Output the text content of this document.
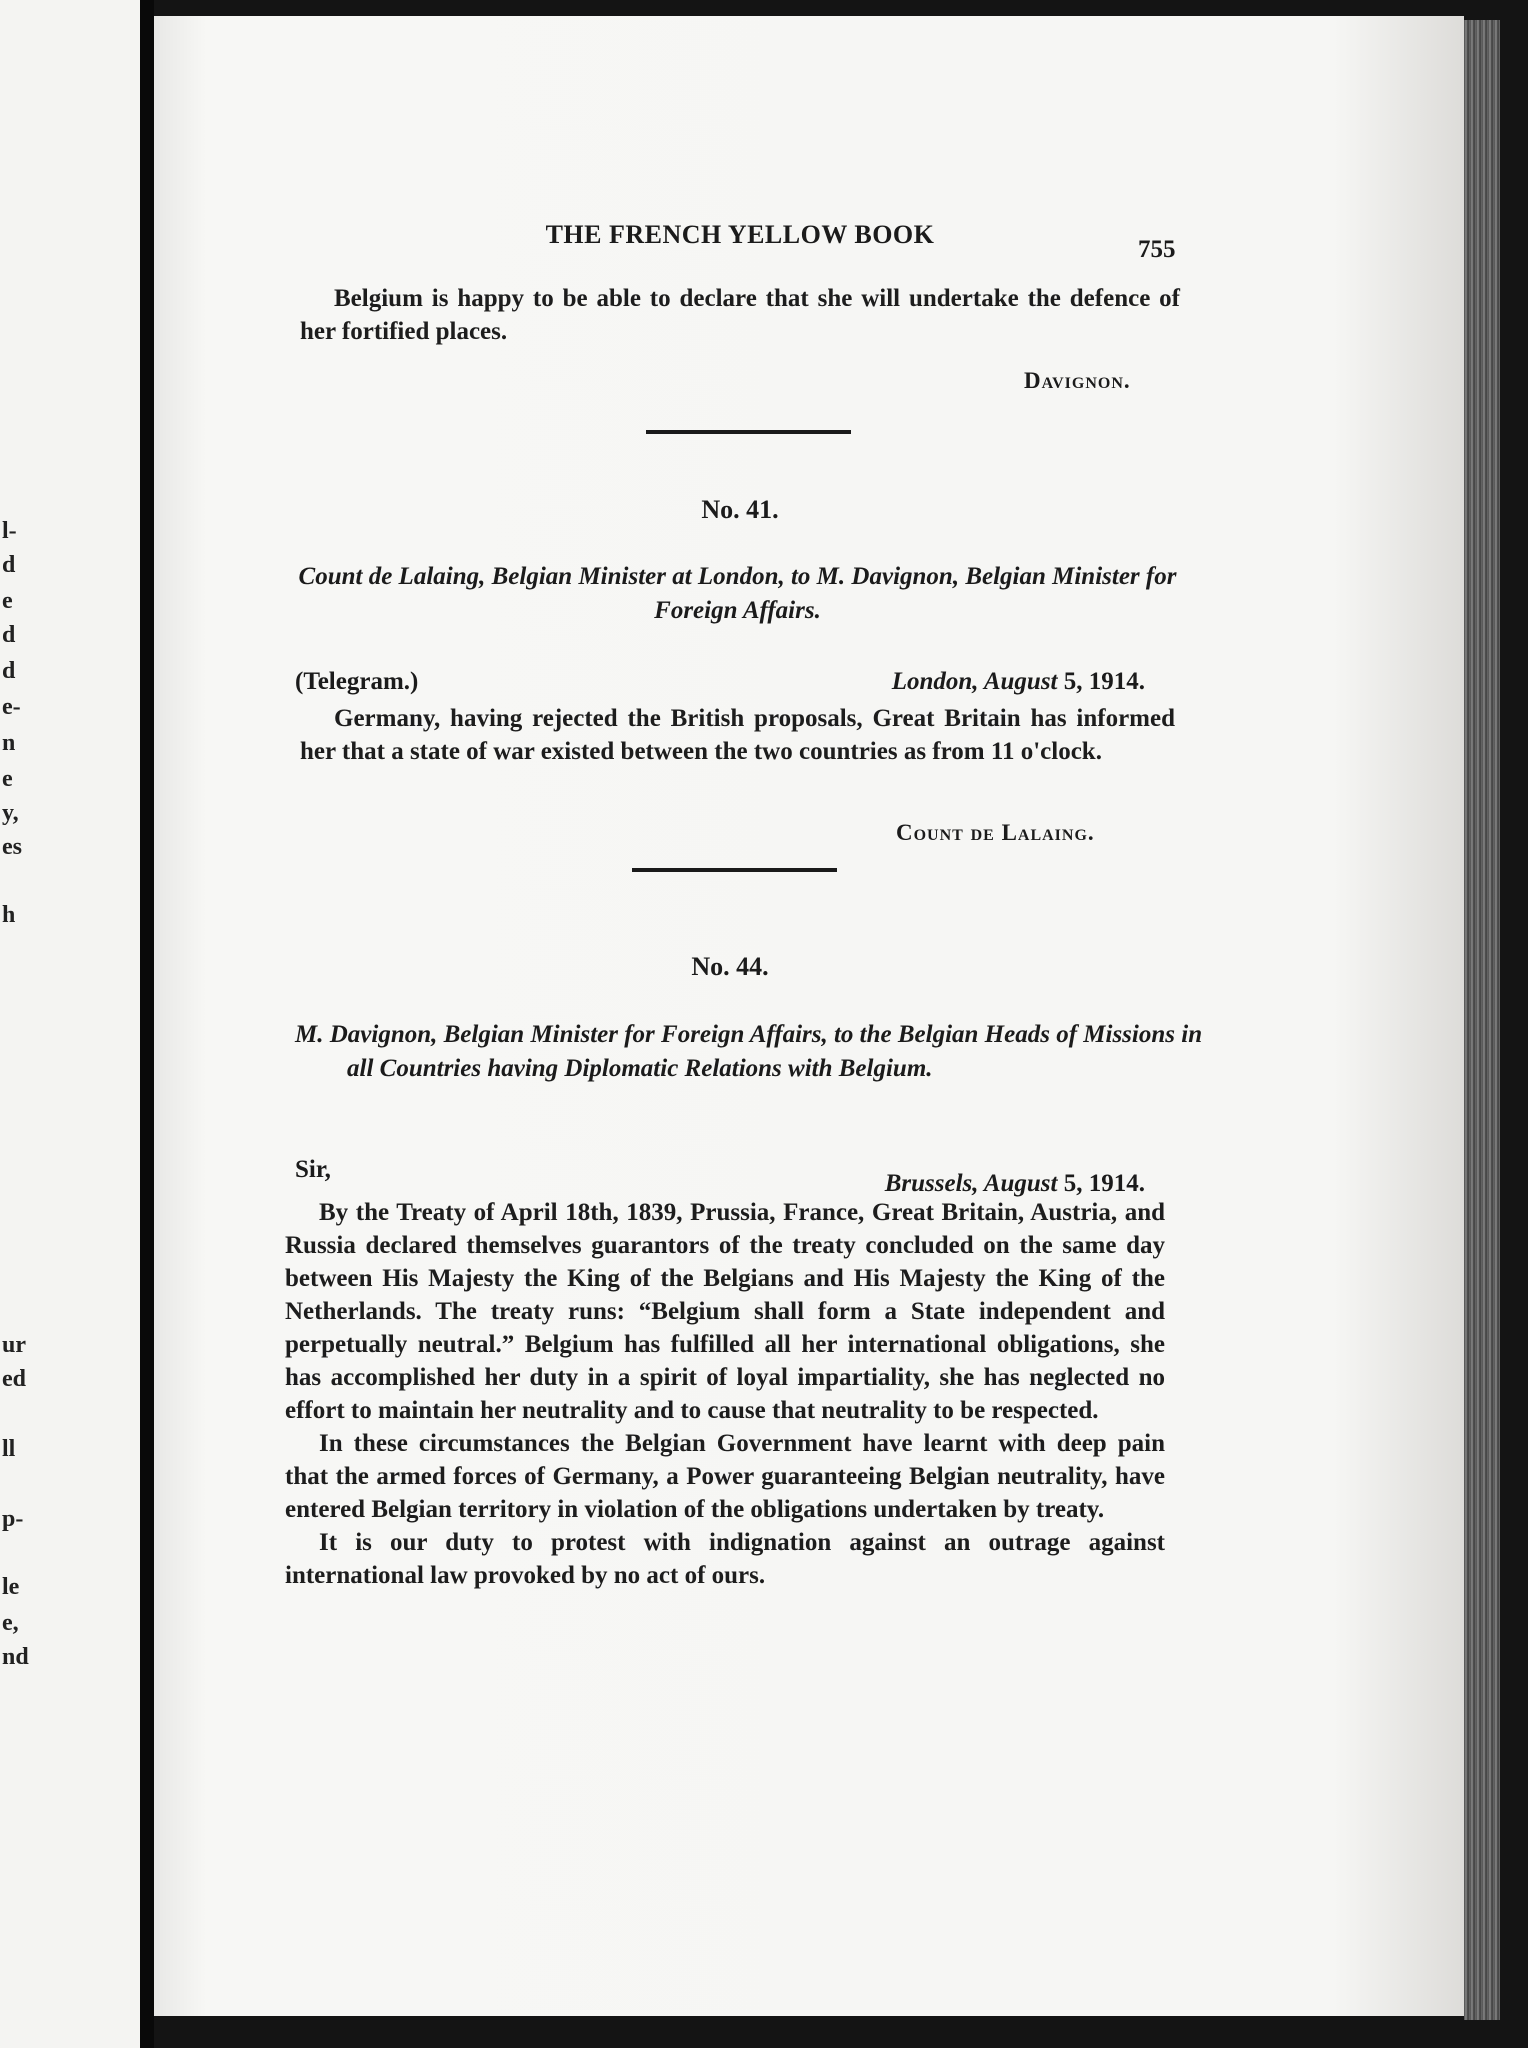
l-
d
e
d
d
e-
n
e
y,
es
h
ur
ed
ll
p-
le
e,
nd
THE FRENCH YELLOW BOOK
755

Belgium is happy to be able to declare that she will undertake the defence of her fortified places.

Davignon.
No. 41.
Count de Lalaing, Belgian Minister at London, to M. Davignon, Belgian Minister for Foreign Affairs.
(Telegram.)	London, August 5, 1914.

Germany, having rejected the British proposals, Great Britain has informed her that a state of war existed between the two countries as from 11 o'clock.

Count de Lalaing.
No. 44.
M. Davignon, Belgian Minister for Foreign Affairs, to the Belgian Heads of Missions in all Countries having Diplomatic Relations with Belgium.
Sir,
Brussels, August 5, 1914.

By the Treaty of April 18th, 1839, Prussia, France, Great Britain, Austria, and Russia declared themselves guarantors of the treaty concluded on the same day between His Majesty the King of the Belgians and His Majesty the King of the Netherlands. The treaty runs: “Belgium shall form a State independent and perpetually neutral.” Belgium has fulfilled all her international obligations, she has accomplished her duty in a spirit of loyal impartiality, she has neglected no effort to maintain her neutrality and to cause that neutrality to be respected.

In these circumstances the Belgian Government have learnt with deep pain that the armed forces of Germany, a Power guaranteeing Belgian neutrality, have entered Belgian territory in violation of the obligations undertaken by treaty.

It is our duty to protest with indignation against an outrage against international law provoked by no act of ours.
